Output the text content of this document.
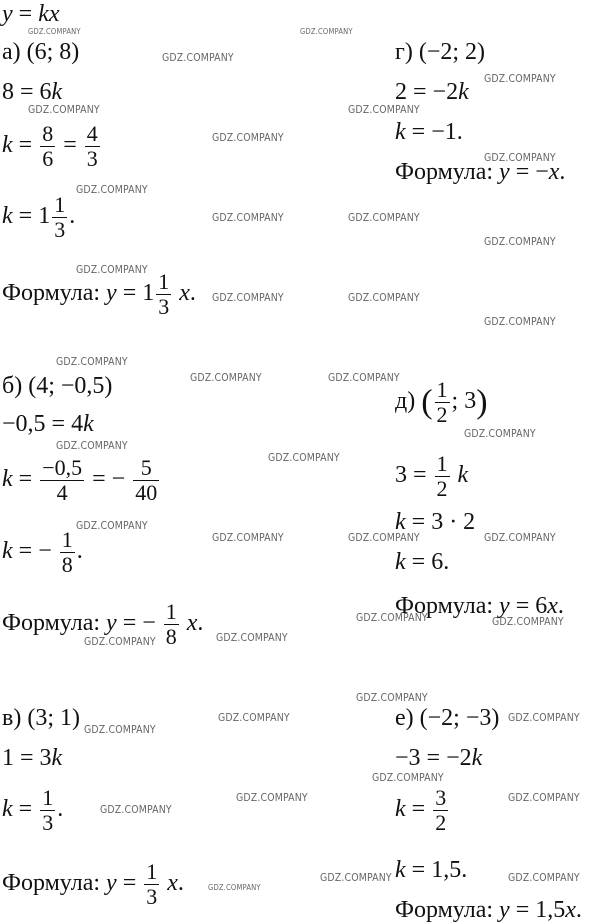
y = kx
а) (6; 8)
8 = 6k
$k = \frac{8}{6} = \frac{4}{3}$
$k = 1 \frac{1}{3}$ .
Формула: $y = 1 \frac{1}{3} x$.
б) (4; −0,5)
−0,5 = 4k
$k = \frac{-0,5}{4}$ = − $\frac{5}{40}$
k = − $\frac{1}{8}$ .
Формула: y = − $\frac{1}{8} x$.
в) (3; 1)
1 = 3k
$k = \frac{1}{3}$ .
Формула: $y = \frac{1}{3} x$.
г) (−2; 2)
2 = −2k
k = −1.
Формула: y = −x.
д) ( $\frac{1}{2}$ ; 3)
$3 = \frac{1}{2}$ k
k = 3 · 2
k = 6.
Формула: y = 6x.
е) (−2; −3)
−3 = −2k
$k = \frac{3}{2}$
k = 1,5.
Формула: y = 1,5x.
GDZ.COMPANY	GDZ.COMPANY
GDZ.COMPANY
GDZ.COMPANY
GDZ.COMPANY	GDZ.COMPANY
GDZ.COMPANY
GDZ.COMPANY
GDZ.COMPANY
GDZ.COMPANY	GDZ.COMPANY
GDZ.COMPANY
GDZ.COMPANY
GDZ.COMPANY	GDZ.COMPANY
GDZ.COMPANY
GDZ.COMPANY
GDZ.COMPANY	GDZ.COMPANY
GDZ.COMPANY
GDZ.COMPANY
GDZ.COMPANY
GDZ.COMPANY
GDZ.COMPANY	GDZ.COMPANY	GDZ.COMPANY
GDZ.COMPANY	GDZ.COMPANY
GDZ.COMPANY
GDZ.COMPANY
GDZ.COMPANY
GDZ.COMPANY	GDZ.COMPANY
GDZ.COMPANY
GDZ.COMPANY
GDZ.COMPANY	GDZ.COMPANY
GDZ.COMPANY
GDZ.COMPANY	GDZ.COMPANY
GDZ.COMPANY
